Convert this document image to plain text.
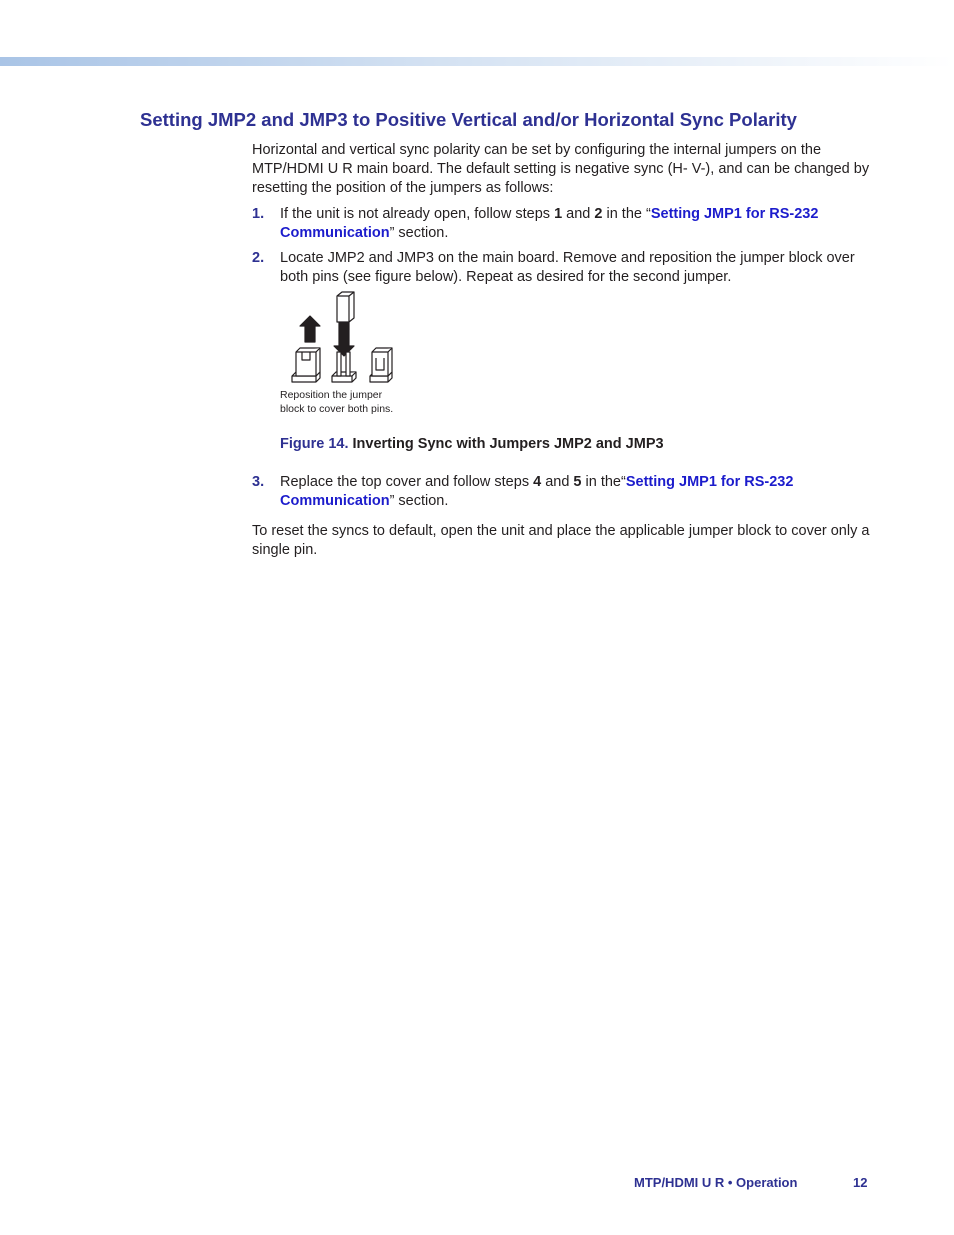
Setting JMP2 and JMP3 to Positive Vertical and/or Horizontal Sync Polarity

Horizontal and vertical sync polarity can be set by configuring the internal jumpers on the MTP/HDMI U R main board. The default setting is negative sync (H- V-), and can be changed by resetting the position of the jumpers as follows:

1. If the unit is not already open, follow steps 1 and 2 in the “Setting JMP1 for RS-232 Communication” section.
2. Locate JMP2 and JMP3 on the main board. Remove and reposition the jumper block over both pins (see figure below). Repeat as desired for the second jumper.
Reposition the jumper
block to cover both pins.
Figure 14. Inverting Sync with Jumpers JMP2 and JMP3
3. Replace the top cover and follow steps 4 and 5 in the“Setting JMP1 for RS-232 Communication” section.

To reset the syncs to default, open the unit and place the applicable jumper block to cover only a single pin.

MTP/HDMI U R • Operation	12
